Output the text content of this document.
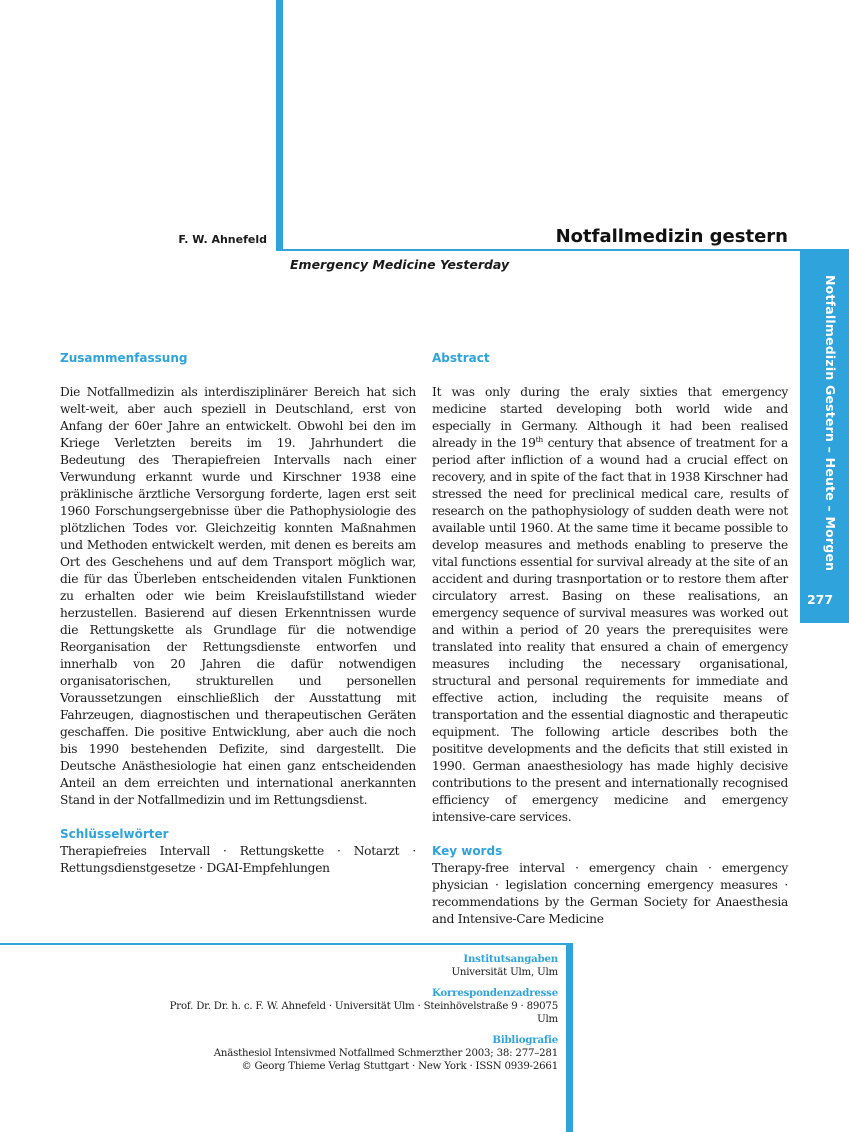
Notfallmedizin Gestern – Heute – Morgen
277
F. W. Ahnefeld	Notfallmedizin gestern
Emergency Medicine Yesterday

Zusammenfassung

Die Notfallmedizin als interdisziplinärer Bereich hat sich welt-weit, aber auch speziell in Deutschland, erst von Anfang der 60er Jahre an entwickelt. Obwohl bei den im Kriege Verletzten bereits im 19. Jahrhundert die Bedeutung des Therapiefreien Intervalls nach einer Verwundung erkannt wurde und Kirschner 1938 eine präklinische ärztliche Versorgung forderte, lagen erst seit 1960 Forschungsergebnisse über die Pathophysiologie des plötzlichen Todes vor. Gleichzeitig konnten Maßnahmen und Methoden entwickelt werden, mit denen es bereits am Ort des Geschehens und auf dem Transport möglich war, die für das Überleben entscheidenden vitalen Funktionen zu erhalten oder wie beim Kreislaufstillstand wieder herzustellen. Basierend auf diesen Erkenntnissen wurde die Rettungskette als Grundlage für die notwendige Reorganisation der Rettungsdienste entworfen und innerhalb von 20 Jahren die dafür notwendigen organisatorischen, strukturellen und personellen Voraussetzungen einschließlich der Ausstattung mit Fahrzeugen, diagnostischen und therapeutischen Geräten geschaffen. Die positive Entwicklung, aber auch die noch bis 1990 bestehenden Defizite, sind dargestellt. Die Deutsche Anästhesiologie hat einen ganz entscheidenden Anteil an dem erreichten und international anerkannten Stand in der Notfallmedizin und im Rettungsdienst.

Schlüsselwörter

Therapiefreies Intervall · Rettungskette · Notarzt · Rettungsdienstgesetze · DGAI-Empfehlungen

Abstract

It was only during the eraly sixties that emergency medicine started developing both world wide and especially in Germany. Although it had been realised already in the 19th century that absence of treatment for a period after infliction of a wound had a crucial effect on recovery, and in spite of the fact that in 1938 Kirschner had stressed the need for preclinical medical care, results of research on the pathophysiology of sudden death were not available until 1960. At the same time it became possible to develop measures and methods enabling to preserve the vital functions essential for survival already at the site of an accident and during trasnportation or to restore them after circulatory arrest. Basing on these realisations, an emergency sequence of survival measures was worked out and within a period of 20 years the prerequisites were translated into reality that ensured a chain of emergency measures including the necessary organisational, structural and personal requirements for immediate and effective action, including the requisite means of transportation and the essential diagnostic and therapeutic equipment. The following article describes both the posititve developments and the deficits that still existed in 1990. German anaesthesiology has made highly decisive contributions to the present and internationally recognised efficiency of emergency medicine and emergency intensive-care services.

Key words

Therapy-free interval · emergency chain · emergency physician · legislation concerning emergency measures · recommendations by the German Society for Anaesthesia and Intensive-Care Medicine

Institutsangaben
Universität Ulm, Ulm
Korrespondenzadresse
Prof. Dr. Dr. h. c. F. W. Ahnefeld · Universität Ulm · Steinhövelstraße 9 · 89075 Ulm
Bibliografie
Anästhesiol Intensivmed Notfallmed Schmerzther 2003; 38: 277–281
© Georg Thieme Verlag Stuttgart · New York · ISSN 0939-2661
